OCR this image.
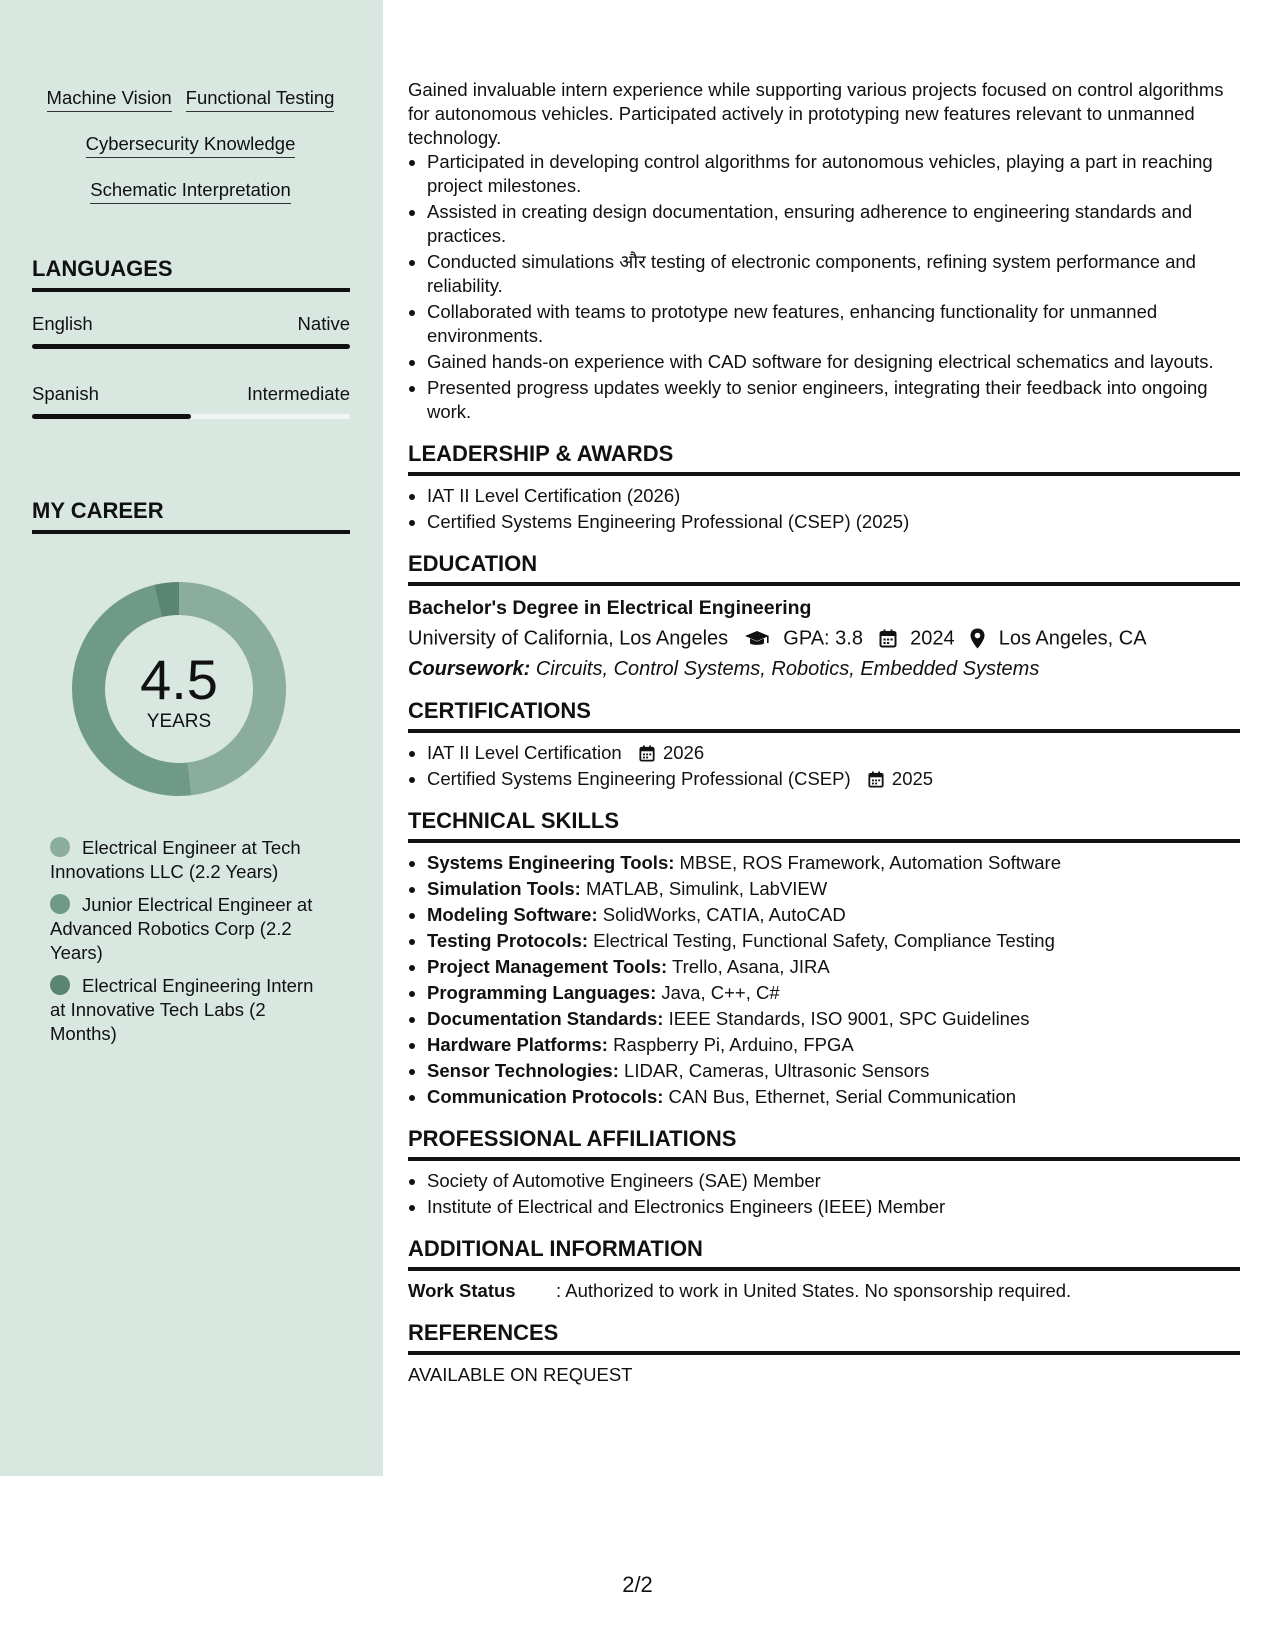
Machine Vision Functional Testing
Cybersecurity Knowledge
Schematic Interpretation
LANGUAGES
English	Native
Spanish	Intermediate
MY CAREER
4.5
YEARS
Electrical Engineer at Tech Innovations LLC (2.2 Years)
Junior Electrical Engineer at Advanced Robotics Corp (2.2 Years)
Electrical Engineering Intern at Innovative Tech Labs (2 Months)

Gained invaluable intern experience while supporting various projects focused on control algorithms for autonomous vehicles. Participated actively in prototyping new features relevant to unmanned technology.

• Participated in developing control algorithms for autonomous vehicles, playing a part in reaching project milestones.
• Assisted in creating design documentation, ensuring adherence to engineering standards and practices.
• Conducted simulations और testing of electronic components, refining system performance and reliability.
• Collaborated with teams to prototype new features, enhancing functionality for unmanned environments.
• Gained hands-on experience with CAD software for designing electrical schematics and layouts.
• Presented progress updates weekly to senior engineers, integrating their feedback into ongoing work.
LEADERSHIP & AWARDS
• IAT II Level Certification (2026)
• Certified Systems Engineering Professional (CSEP) (2025)
EDUCATION
Bachelor's Degree in Electrical Engineering
University of California, Los Angeles	GPA: 3.8 2024 Los Angeles, CA
Coursework: Circuits, Control Systems, Robotics, Embedded Systems
CERTIFICATIONS
• IAT II Level Certification 2026
• Certified Systems Engineering Professional (CSEP) 2025
TECHNICAL SKILLS
• Systems Engineering Tools: MBSE, ROS Framework, Automation Software
• Simulation Tools: MATLAB, Simulink, LabVIEW
• Modeling Software: SolidWorks, CATIA, AutoCAD
• Testing Protocols: Electrical Testing, Functional Safety, Compliance Testing
• Project Management Tools: Trello, Asana, JIRA
• Programming Languages: Java, C++, C#
• Documentation Standards: IEEE Standards, ISO 9001, SPC Guidelines
• Hardware Platforms: Raspberry Pi, Arduino, FPGA
• Sensor Technologies: LIDAR, Cameras, Ultrasonic Sensors
• Communication Protocols: CAN Bus, Ethernet, Serial Communication
PROFESSIONAL AFFILIATIONS
• Society of Automotive Engineers (SAE) Member
• Institute of Electrical and Electronics Engineers (IEEE) Member
ADDITIONAL INFORMATION
Work Status	: Authorized to work in United States. No sponsorship required.
REFERENCES
AVAILABLE ON REQUEST
2/2
